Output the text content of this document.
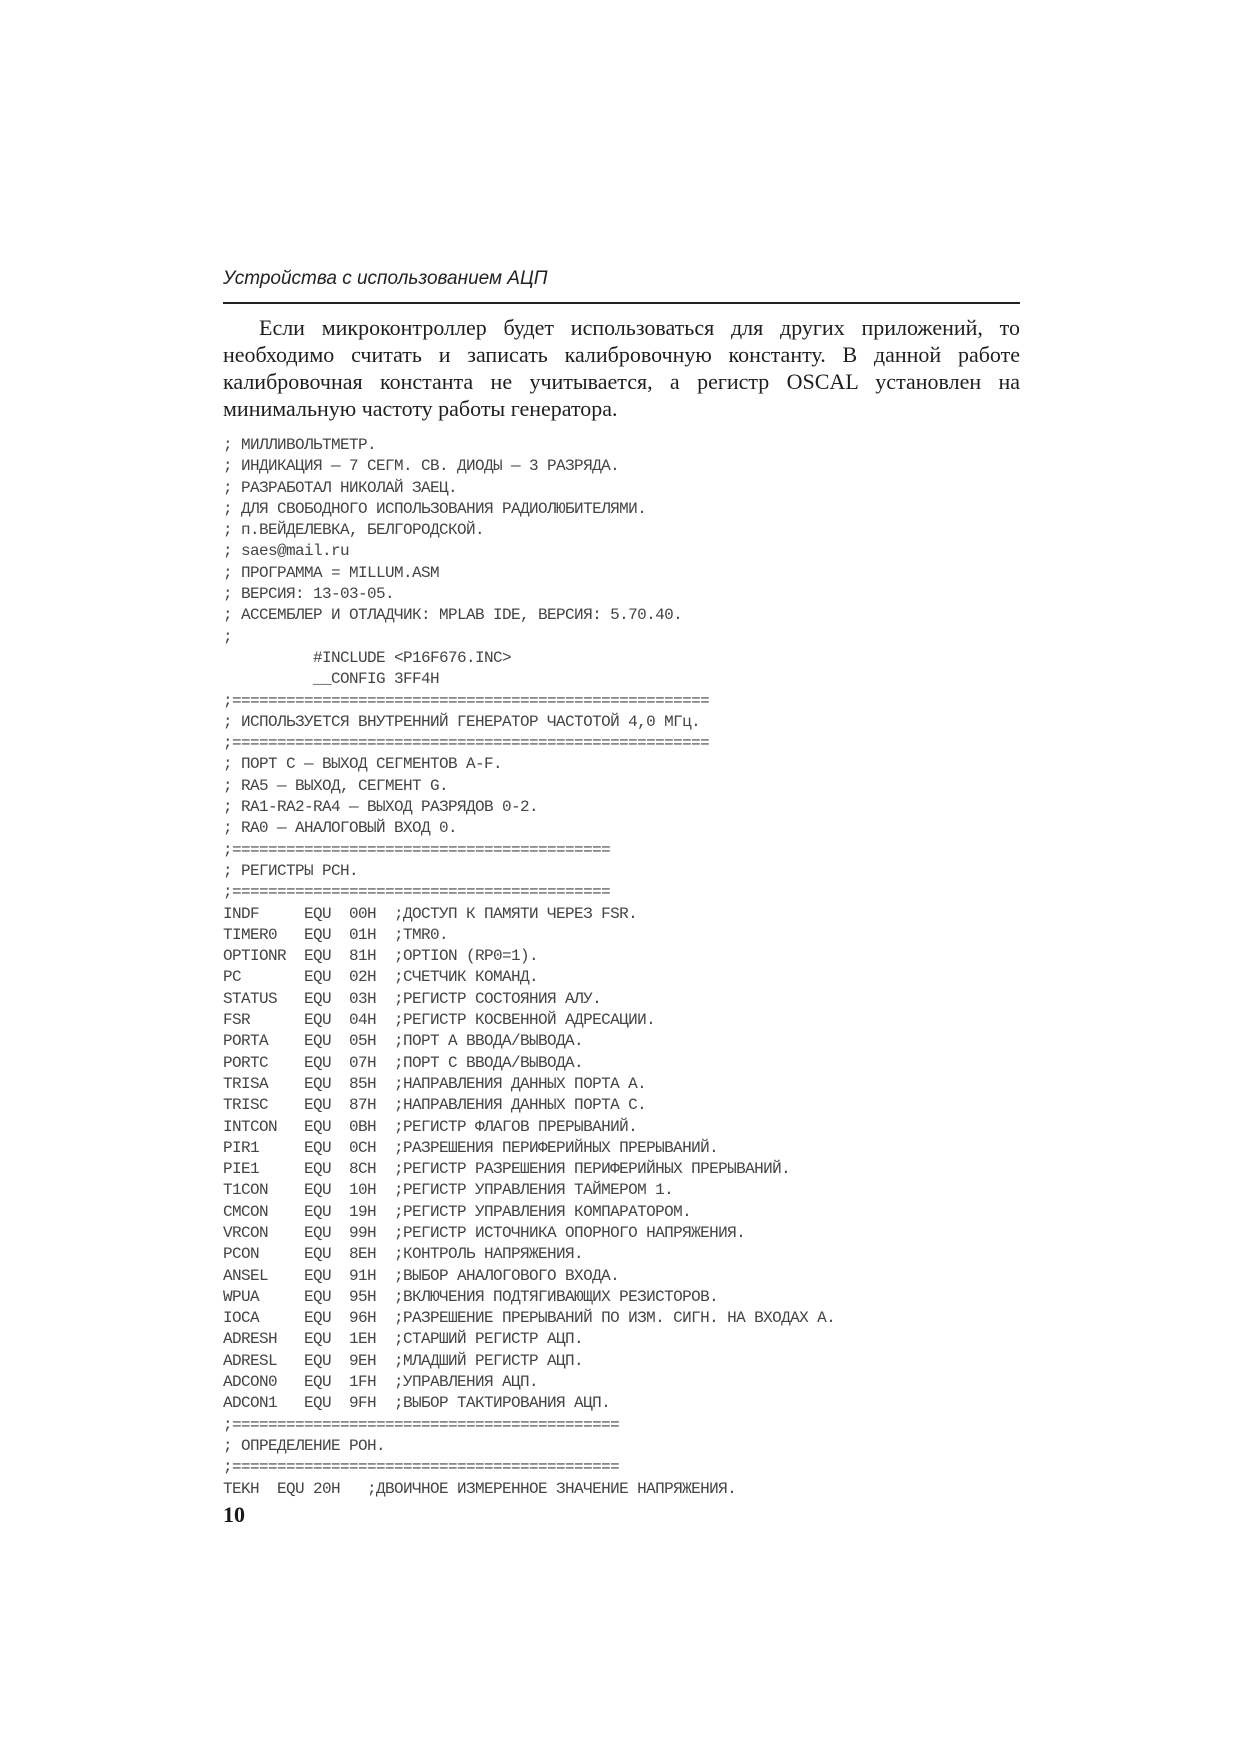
Устройства с использованием АЦП

Если микроконтроллер будет использоваться для других приложений, то необходимо считать и записать калибровочную константу. В данной работе калибровочная константа не учитывается, а регистр OSCAL установлен на минимальную частоту работы генератора.

; МИЛЛИВОЛЬТМЕТР.
; ИНДИКАЦИЯ — 7 СЕГМ. СВ. ДИОДЫ — 3 РАЗРЯДА.
; РАЗРАБОТАЛ НИКОЛАЙ ЗАЕЦ.
; ДЛЯ СВОБОДНОГО ИСПОЛЬЗОВАНИЯ РАДИОЛЮБИТЕЛЯМИ.
; п.ВЕЙДЕЛЕВКА, БЕЛГОРОДСКОЙ.
; saes@mail.ru
; ПРОГРАММА = MILLUM.ASM
; ВЕРСИЯ: 13-03-05.
; АССЕМБЛЕР И ОТЛАДЧИК: MPLAB IDE, ВЕРСИЯ: 5.70.40.
;
#INCLUDE <P16F676.INC>
__CONFIG 3FF4H
;=====================================================
; ИСПОЛЬЗУЕТСЯ ВНУТРЕННИЙ ГЕНЕРАТОР ЧАСТОТОЙ 4,0 МГц.
;=====================================================
; ПОРТ C — ВЫХОД СЕГМЕНТОВ A-F.
; RA5 — ВЫХОД, СЕГМЕНТ G.
; RA1-RA2-RA4 — ВЫХОД РАЗРЯДОВ 0-2.
; RA0 — АНАЛОГОВЫЙ ВХОД 0.
;==========================================
; РЕГИСТРЫ РСН.
;==========================================
INDF     EQU  00H  ;ДОСТУП К ПАМЯТИ ЧЕРЕЗ FSR.
TIMER0   EQU  01H  ;TMR0.
OPTIONR  EQU  81H  ;OPTION (RP0=1).
PC       EQU  02H  ;СЧЕТЧИК КОМАНД.
STATUS   EQU  03H  ;РЕГИСТР СОСТОЯНИЯ АЛУ.
FSR      EQU  04H  ;РЕГИСТР КОСВЕННОЙ АДРЕСАЦИИ.
PORTA    EQU  05H  ;ПОРТ А ВВОДА/ВЫВОДА.
PORTC    EQU  07H  ;ПОРТ С ВВОДА/ВЫВОДА.
TRISA    EQU  85H  ;НАПРАВЛЕНИЯ ДАННЫХ ПОРТА А.
TRISC    EQU  87H  ;НАПРАВЛЕНИЯ ДАННЫХ ПОРТА С.
INTCON   EQU  0BH  ;РЕГИСТР ФЛАГОВ ПРЕРЫВАНИЙ.
PIR1     EQU  0CH  ;РАЗРЕШЕНИЯ ПЕРИФЕРИЙНЫХ ПРЕРЫВАНИЙ.
PIE1     EQU  8CH  ;РЕГИСТР РАЗРЕШЕНИЯ ПЕРИФЕРИЙНЫХ ПРЕРЫВАНИЙ.
T1CON    EQU  10H  ;РЕГИСТР УПРАВЛЕНИЯ ТАЙМЕРОМ 1.
CMCON    EQU  19H  ;РЕГИСТР УПРАВЛЕНИЯ КОМПАРАТОРОМ.
VRCON    EQU  99H  ;РЕГИСТР ИСТОЧНИКА ОПОРНОГО НАПРЯЖЕНИЯ.
PCON     EQU  8EH  ;КОНТРОЛЬ НАПРЯЖЕНИЯ.
ANSEL    EQU  91H  ;ВЫБОР АНАЛОГОВОГО ВХОДА.
WPUA     EQU  95H  ;ВКЛЮЧЕНИЯ ПОДТЯГИВАЮЩИХ РЕЗИСТОРОВ.
IOCA     EQU  96H  ;РАЗРЕШЕНИЕ ПРЕРЫВАНИЙ ПО ИЗМ. СИГН. НА ВХОДАХ А.
ADRESH   EQU  1EH  ;СТАРШИЙ РЕГИСТР АЦП.
ADRESL   EQU  9EH  ;МЛАДШИЙ РЕГИСТР АЦП.
ADCON0   EQU  1FH  ;УПРАВЛЕНИЯ АЦП.
ADCON1   EQU  9FH  ;ВЫБОР ТАКТИРОВАНИЯ АЦП.
;===========================================
; ОПРЕДЕЛЕНИЕ РОН.
;===========================================
TEKH  EQU 20H   ;ДВОИЧНОЕ ИЗМЕРЕННОЕ ЗНАЧЕНИЕ НАПРЯЖЕНИЯ.
10
